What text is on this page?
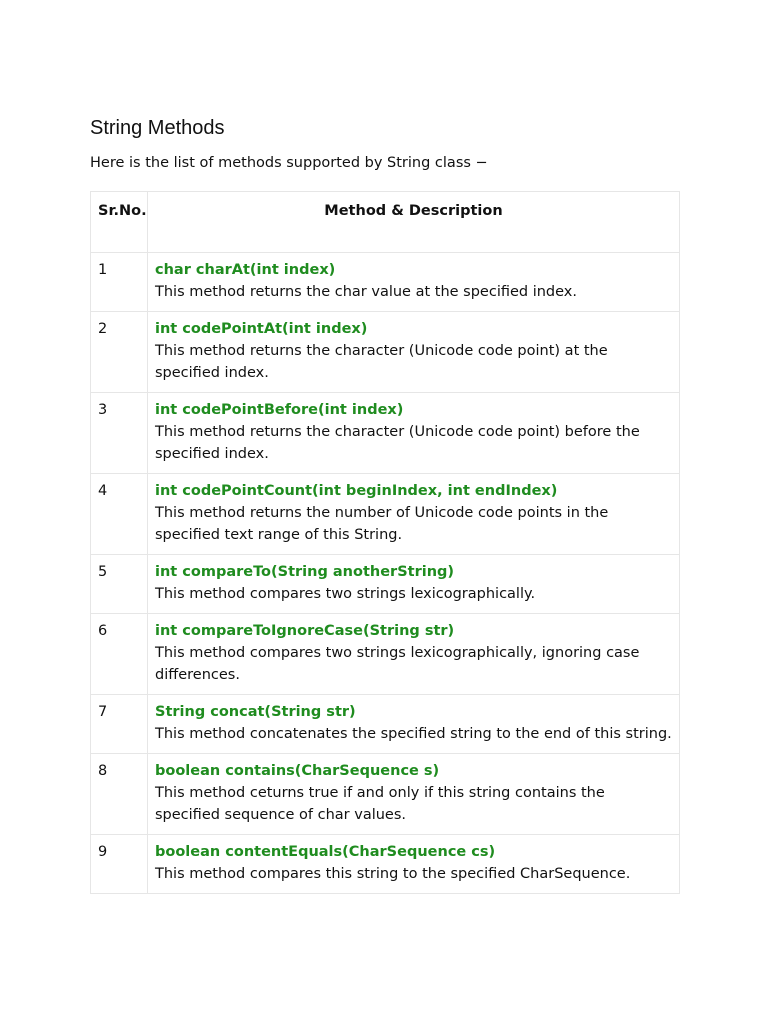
String Methods

Here is the list of methods supported by String class −

Sr.No.	Method & Description

1	char charAt(int index)
This method returns the char value at the specified index.

2	int codePointAt(int index)
This method returns the character (Unicode code point) at the specified index.

3	int codePointBefore(int index)
This method returns the character (Unicode code point) before the specified index.

4	int codePointCount(int beginIndex, int endIndex)
This method returns the number of Unicode code points in the specified text range of this String.

5	int compareTo(String anotherString)
This method compares two strings lexicographically.

6	int compareToIgnoreCase(String str)
This method compares two strings lexicographically, ignoring case differences.

7	String concat(String str)
This method concatenates the specified string to the end of this string.

8	boolean contains(CharSequence s)
This method ceturns true if and only if this string contains the specified sequence of char values.

9	boolean contentEquals(CharSequence cs)
This method compares this string to the specified CharSequence.
